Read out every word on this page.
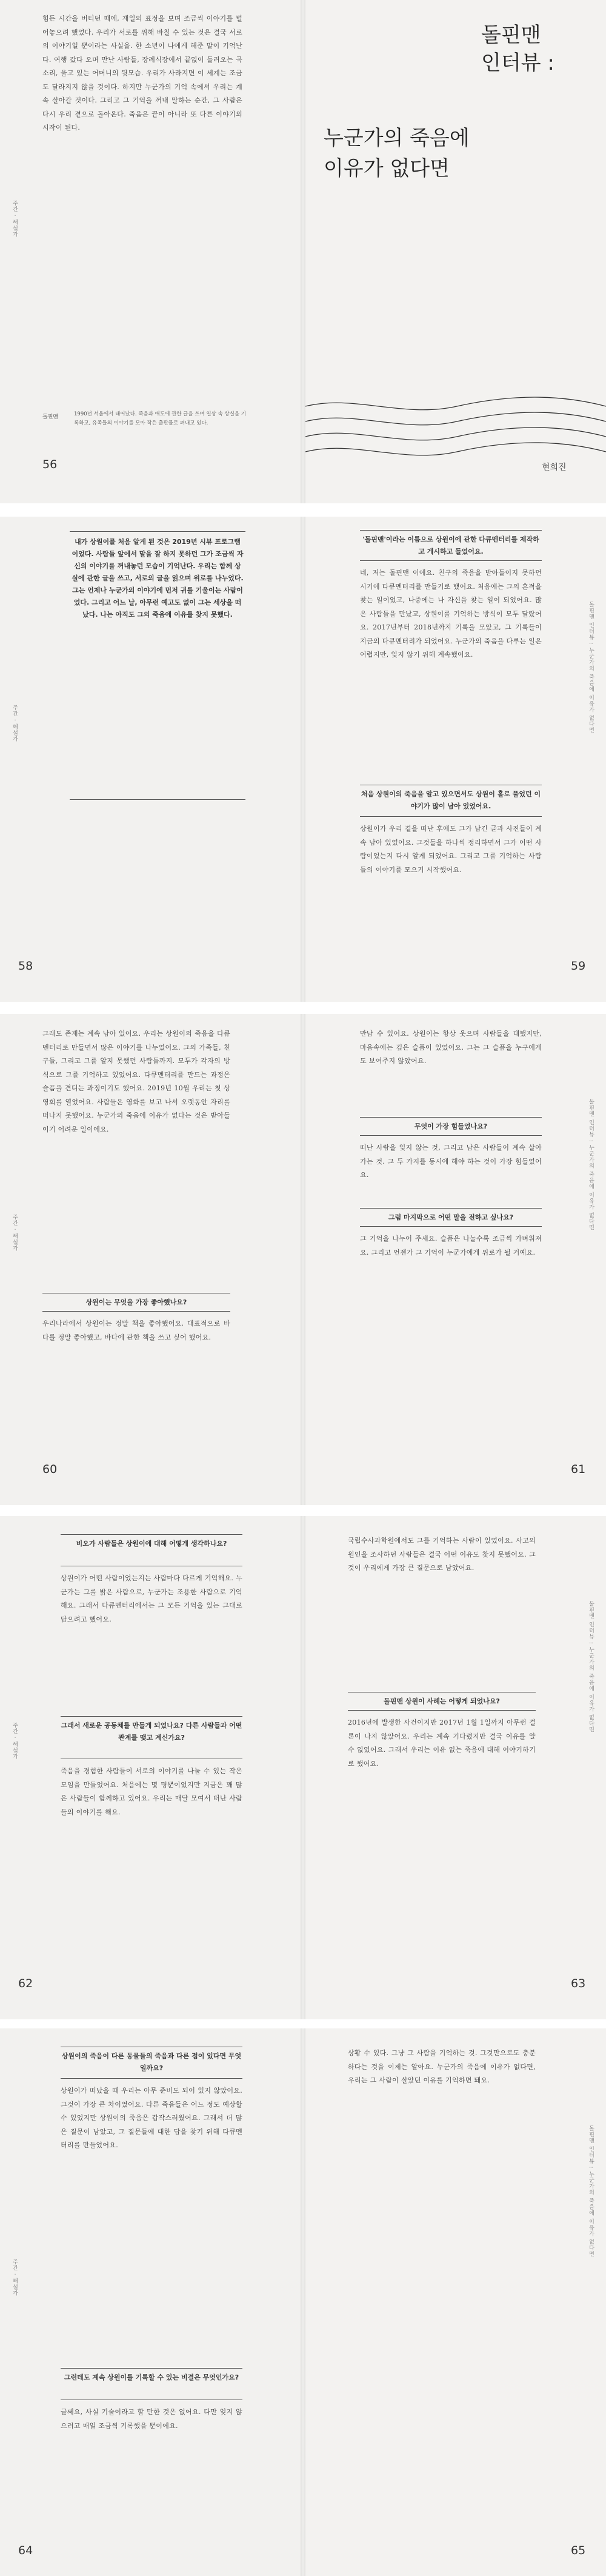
힘든 시간을 버티던 때에, 재일의 표정을 보며 조금씩 이야기를 털어놓으려 했었다. 우리가 서로를 위해 바칠 수 있는 것은 결국 서로의 이야기일 뿐이라는 사실을. 한 소년이 나에게 해준 말이 기억난다. 여행 갔다 오며 만난 사람들, 장례식장에서 끝없이 들려오는 곡소리, 울고 있는 어머니의 뒷모습. 우리가 사라지면 이 세계는 조금도 달라지지 않을 것이다. 하지만 누군가의 기억 속에서 우리는 계속 살아갈 것이다. 그리고 그 기억을 꺼내 말하는 순간, 그 사람은 다시 우리 곁으로 돌아온다. 죽음은 끝이 아니라 또 다른 이야기의 시작이 된다.

주간 · 해설가
돌핀맨	1990년 서울에서 태어났다. 죽음과 애도에 관한 글을 쓰며 일상 속 상실을 기록하고, 유족들의 이야기를 모아 작은 출판물로 펴내고 있다.
56
돌핀맨
인터뷰 :
누군가의 죽음에
이유가 없다면
현희진
내가 상원이를 처음 알게 된 것은 2019년 시뷰 프로그램이었다. 사람들 앞에서 말을 잘 하지 못하던 그가 조금씩 자신의 이야기를 꺼내놓던 모습이 기억난다. 우리는 함께 상실에 관한 글을 쓰고, 서로의 글을 읽으며 위로를 나누었다. 그는 언제나 누군가의 이야기에 먼저 귀를 기울이는 사람이었다. 그리고 어느 날, 아무런 예고도 없이 그는 세상을 떠났다. 나는 아직도 그의 죽음에 이유를 찾지 못했다.
주간 · 해설가
58
'돌핀맨'이라는 이름으로 상원이에 관한 다큐멘터리를 제작하고 게시하고 들었어요.

네, 저는 돌핀맨 이에요. 친구의 죽음을 받아들이지 못하던 시기에 다큐멘터리를 만들기로 했어요. 처음에는 그의 흔적을 찾는 일이었고, 나중에는 나 자신을 찾는 일이 되었어요. 많은 사람들을 만났고, 상원이를 기억하는 방식이 모두 달랐어요. 2017년부터 2018년까지 기록을 모았고, 그 기록들이 지금의 다큐멘터리가 되었어요. 누군가의 죽음을 다루는 일은 어렵지만, 잊지 않기 위해 계속했어요.

처음 상원이의 죽음을 알고 있으면서도 상원이 홀로 풀었던 이야기가 많이 남아 있었어요.

상원이가 우리 곁을 떠난 후에도 그가 남긴 글과 사진들이 계속 남아 있었어요. 그것들을 하나씩 정리하면서 그가 어떤 사람이었는지 다시 알게 되었어요. 그리고 그를 기억하는 사람들의 이야기를 모으기 시작했어요.

돌핀맨 인터뷰 : 누군가의 죽음에 이유가 없다면
59

그래도 존재는 계속 남아 있어요. 우리는 상원이의 죽음을 다큐멘터리로 만들면서 많은 이야기를 나누었어요. 그의 가족들, 친구들, 그리고 그를 알지 못했던 사람들까지. 모두가 각자의 방식으로 그를 기억하고 있었어요. 다큐멘터리를 만드는 과정은 슬픔을 견디는 과정이기도 했어요. 2019년 10월 우리는 첫 상영회를 열었어요. 사람들은 영화를 보고 나서 오랫동안 자리를 떠나지 못했어요. 누군가의 죽음에 이유가 없다는 것은 받아들이기 어려운 일이에요.

상원이는 무엇을 가장 좋아했나요?

우리나라에서 상원이는 정말 책을 좋아했어요. 대표적으로 바다를 정말 좋아했고, 바다에 관한 책을 쓰고 싶어 했어요.

주간 · 해설가
60

만남 수 있어요. 상원이는 항상 웃으며 사람들을 대했지만, 마음속에는 깊은 슬픔이 있었어요. 그는 그 슬픔을 누구에게도 보여주지 않았어요.

무엇이 가장 힘들었나요?

떠난 사람을 잊지 않는 것, 그리고 남은 사람들이 계속 살아가는 것. 그 두 가지를 동시에 해야 하는 것이 가장 힘들었어요.

그럼 마지막으로 어떤 말을 전하고 싶나요?

그 기억을 나누어 주세요. 슬픔은 나눌수록 조금씩 가벼워져요. 그리고 언젠가 그 기억이 누군가에게 위로가 될 거예요.

돌핀맨 인터뷰 : 누군가의 죽음에 이유가 없다면
61
비오가 사람들은 상원이에 대해 어떻게 생각하나요?

상원이가 어떤 사람이었는지는 사람마다 다르게 기억해요. 누군가는 그를 밝은 사람으로, 누군가는 조용한 사람으로 기억해요. 그래서 다큐멘터리에서는 그 모든 기억을 있는 그대로 담으려고 했어요.

그래서 새로운 공동체를 만들게 되었나요? 다른 사람들과 어떤 관계를 맺고 계신가요?

죽음을 경험한 사람들이 서로의 이야기를 나눌 수 있는 작은 모임을 만들었어요. 처음에는 몇 명뿐이었지만 지금은 꽤 많은 사람들이 함께하고 있어요. 우리는 매달 모여서 떠난 사람들의 이야기를 해요.

주간 · 해설가
62

국립수사과학원에서도 그를 기억하는 사람이 있었어요. 사고의 원인을 조사하던 사람들은 결국 어떤 이유도 찾지 못했어요. 그것이 우리에게 가장 큰 질문으로 남았어요.

돌핀맨 상원이 사례는 어떻게 되었나요?

2016년에 발생한 사건이지만 2017년 1월 1일까지 아무런 결론이 나지 않았어요. 우리는 계속 기다렸지만 결국 이유를 알 수 없었어요. 그래서 우리는 이유 없는 죽음에 대해 이야기하기로 했어요.

돌핀맨 인터뷰 : 누군가의 죽음에 이유가 없다면
63
상원이의 죽음이 다른 동물들의 죽음과 다른 점이 있다면 무엇일까요?

상원이가 떠났을 때 우리는 아무 준비도 되어 있지 않았어요. 그것이 가장 큰 차이였어요. 다른 죽음들은 어느 정도 예상할 수 있었지만 상원이의 죽음은 갑작스러웠어요. 그래서 더 많은 질문이 남았고, 그 질문들에 대한 답을 찾기 위해 다큐멘터리를 만들었어요.

그런데도 계속 상원이를 기록할 수 있는 비결은 무엇인가요?

글쎄요, 사실 기술이라고 할 만한 것은 없어요. 다만 잊지 않으려고 매일 조금씩 기록했을 뿐이에요.

주간 · 해설가
64

상황 수 있다. 그냥 그 사람을 기억하는 것. 그것만으로도 충분하다는 것을 이제는 알아요. 누군가의 죽음에 이유가 없다면, 우리는 그 사람이 살았던 이유를 기억하면 돼요.

돌핀맨 인터뷰 : 누군가의 죽음에 이유가 없다면
65
